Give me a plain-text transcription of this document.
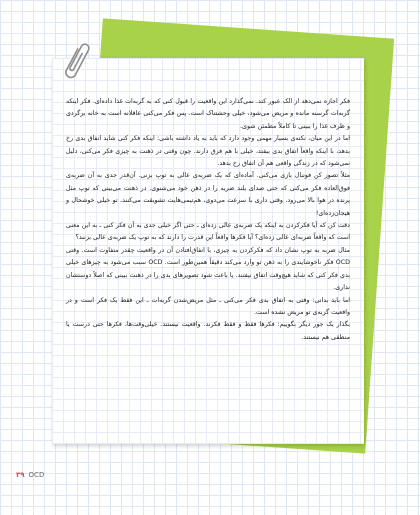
فکر اجازه نمی‌دهد از الک عبور کند. نمی‌گذارد این واقعیت را قبول کنی که به گربه‌ات غذا داده‌ای. فکر اینکه گربه‌ات گرسنه مانده و مریض می‌شود، خیلی وحشتناک است. پس فکر می‌کنی عاقلانه است به خانه برگردی و ظرف غذا را ببینی تا کاملاً مطمئن شوی.

اما در این میان، نکته‌ی بسیار مهمی وجود دارد که باید به یاد داشته باشی: اینکه فکر کنی شاید اتفاق بدی رخ بدهد، با اینکه واقعاً اتفاق بدی بیفتد، خیلی با هم فرق دارند. چون وقتی در ذهنت به چیزی فکر می‌کنی، دلیل نمی‌شود که در زندگی واقعی هم آن اتفاق رخ بدهد.

مثلاً تصور کن فوتبال بازی می‌کنی. آماده‌ای که یک ضربه‌ی عالی به توپ بزنی. آن‌قدر جدی به آن ضربه‌ی فوق‌العاده فکر می‌کنی که حتی صدای بلند ضربه را در ذهن خود می‌شنوی. در ذهنت می‌بینی که توپ مثل پرنده در هوا بالا می‌رود. وقتی داری با سرعت می‌دوی، هم‌تیمی‌هایت تشویقت می‌کنند. تو خیلی خوشحال و هیجان‌زده‌ای!

دقت کن که آیا فکرکردن به اینکه یک ضربه‌ی عالی زده‌ای ـ حتی اگر خیلی جدی به آن فکر کنی ـ به این معنی است که واقعاً ضربه‌ای عالی زده‌ای؟ آیا فکرها واقعاً این قدرت را دارند که به توپ یک ضربه‌ی عالی بزنند؟

مثال ضربه به توپ نشان داد که فکرکردن به چیزی، با اتفاق‌افتادن آن در واقعیت چقدر متفاوت است. وقتی OCD فکر ناخوشایندی را به ذهن تو وارد می‌کند دقیقاً همین‌طور است. OCD سبب می‌شود به چیزهای خیلی بدی فکر کنی که شاید هیچ‌وقت اتفاق نیفتند. یا باعث شود تصویرهای بدی را در ذهنت ببینی که اصلاً دوستشان نداری.

اما باید بدانی: وقتی به اتفاق بدی فکر می‌کنی ـ مثل مریض‌شدن گربه‌ات ـ این فقط یک فکر است و در واقعیت گربه‌ی تو مریض نشده است.

بگذار یک جور دیگر بگوییم: فکرها فقط و فقط فکرند. واقعیت نیستند. خیلی‌وقت‌ها، فکرها حتی درست یا منطقی هم نیستند.

۳۹ OCD
